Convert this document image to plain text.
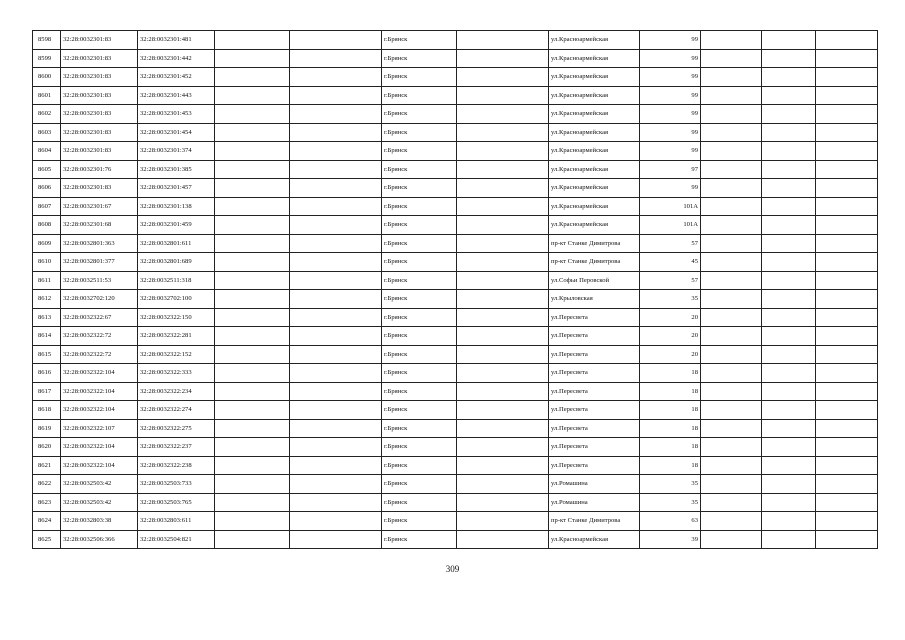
8598	32:28:0032301:83	32:28:0032301:481			г.Брянск		ул.Красноармейская	99			
8599	32:28:0032301:83	32:28:0032301:442			г.Брянск		ул.Красноармейская	99			
8600	32:28:0032301:83	32:28:0032301:452			г.Брянск		ул.Красноармейская	99			
8601	32:28:0032301:83	32:28:0032301:443			г.Брянск		ул.Красноармейская	99			
8602	32:28:0032301:83	32:28:0032301:453			г.Брянск		ул.Красноармейская	99			
8603	32:28:0032301:83	32:28:0032301:454			г.Брянск		ул.Красноармейская	99			
8604	32:28:0032301:83	32:28:0032301:374			г.Брянск		ул.Красноармейская	99			
8605	32:28:0032301:76	32:28:0032301:385			г.Брянск		ул.Красноармейская	97			
8606	32:28:0032301:83	32:28:0032301:457			г.Брянск		ул.Красноармейская	99			
8607	32:28:0032301:67	32:28:0032301:138			г.Брянск		ул.Красноармейская	101А			
8608	32:28:0032301:68	32:28:0032301:459			г.Брянск		ул.Красноармейская	101А			
8609	32:28:0032801:363	32:28:0032801:611			г.Брянск		пр-кт Станке Димитрова	57			
8610	32:28:0032801:377	32:28:0032801:689			г.Брянск		пр-кт Станке Димитрова	45			
8611	32:28:0032511:53	32:28:0032511:318			г.Брянск		ул.Софьи Перовской	57			
8612	32:28:0032702:120	32:28:0032702:100			г.Брянск		ул.Крыловская	35			
8613	32:28:0032322:67	32:28:0032322:150			г.Брянск		ул.Пересвета	20			
8614	32:28:0032322:72	32:28:0032322:281			г.Брянск		ул.Пересвета	20			
8615	32:28:0032322:72	32:28:0032322:152			г.Брянск		ул.Пересвета	20			
8616	32:28:0032322:104	32:28:0032322:333			г.Брянск		ул.Пересвета	18			
8617	32:28:0032322:104	32:28:0032322:234			г.Брянск		ул.Пересвета	18			
8618	32:28:0032322:104	32:28:0032322:274			г.Брянск		ул.Пересвета	18			
8619	32:28:0032322:107	32:28:0032322:275			г.Брянск		ул.Пересвета	18			
8620	32:28:0032322:104	32:28:0032322:237			г.Брянск		ул.Пересвета	18			
8621	32:28:0032322:104	32:28:0032322:238			г.Брянск		ул.Пересвета	18			
8622	32:28:0032503:42	32:28:0032503:733			г.Брянск		ул.Ромашина	35			
8623	32:28:0032503:42	32:28:0032503:765			г.Брянск		ул.Ромашина	35			
8624	32:28:0032803:38	32:28:0032803:611			г.Брянск		пр-кт Станке Димитрова	63			
8625	32:28:0032506:366	32:28:0032504:821			г.Брянск		ул.Красноармейская	39			
309
